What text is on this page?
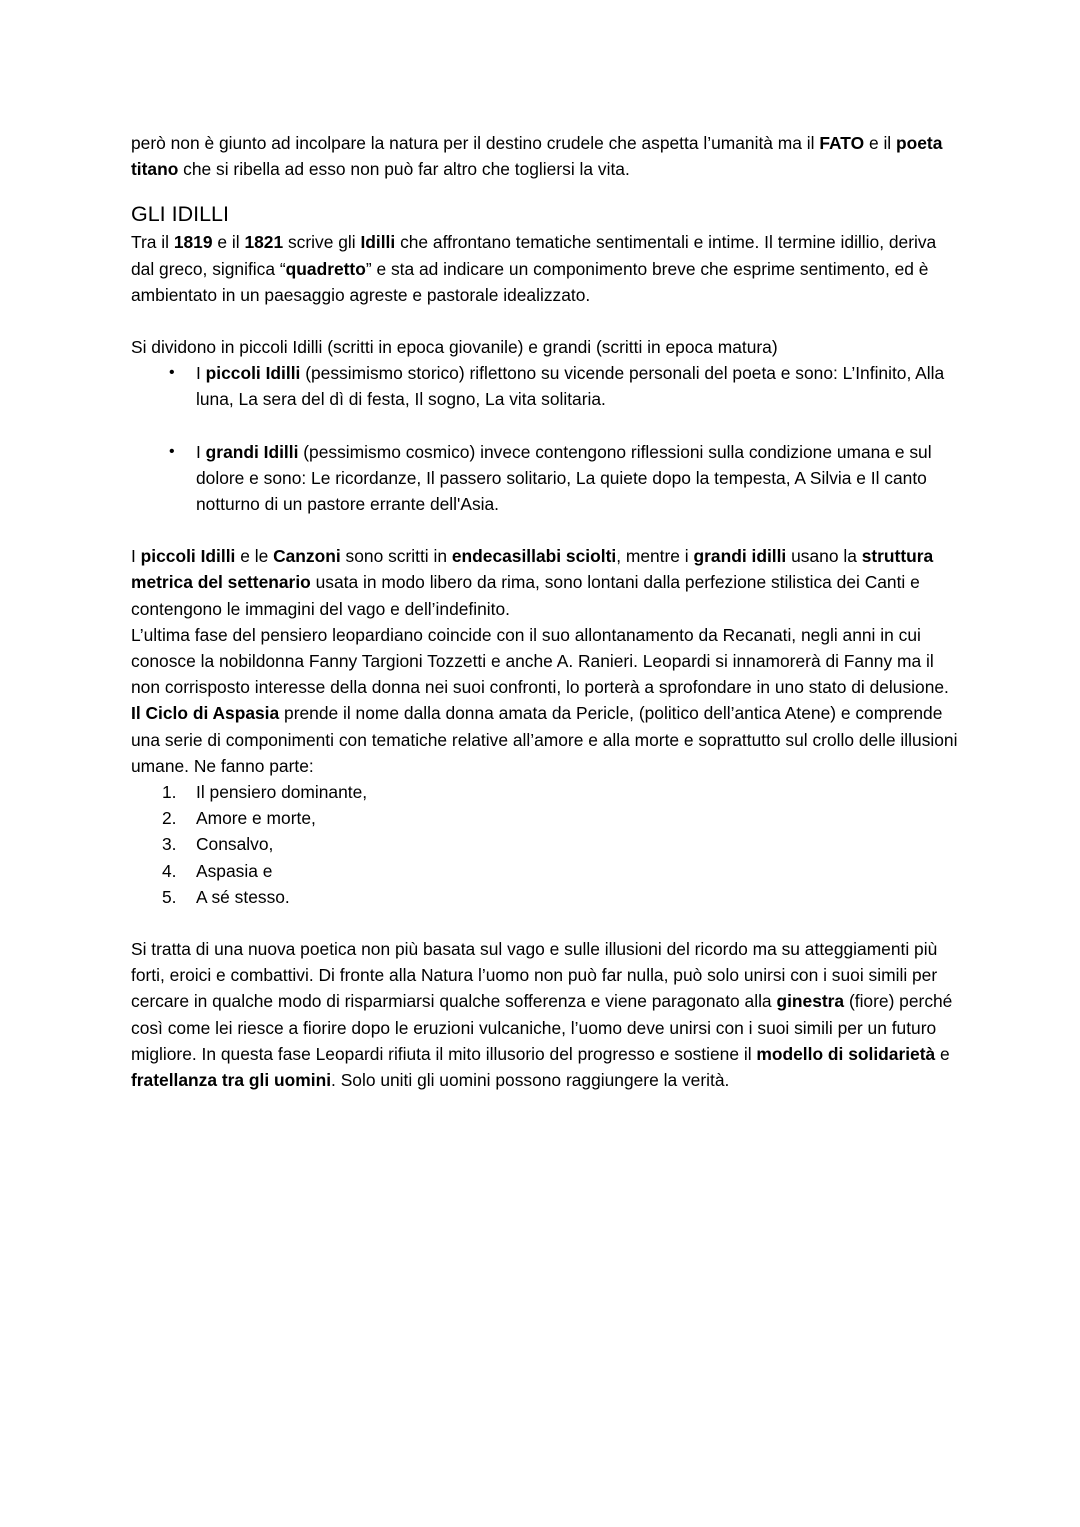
però non è giunto ad incolpare la natura per il destino crudele che aspetta l’umanità ma il FATO e il poeta titano che si ribella ad esso non può far altro che togliersi la vita.

GLI IDILLI

Tra il 1819 e il 1821 scrive gli Idilli che affrontano tematiche sentimentali e intime. Il termine idillio, deriva dal greco, significa “quadretto” e sta ad indicare un componimento breve che esprime sentimento, ed è ambientato in un paesaggio agreste e pastorale idealizzato.

Si dividono in piccoli Idilli (scritti in epoca giovanile) e grandi (scritti in epoca matura)

• I piccoli Idilli (pessimismo storico) riflettono su vicende personali del poeta e sono: L’Infinito, Alla luna, La sera del dì di festa, Il sogno, La vita solitaria.
• I grandi Idilli (pessimismo cosmico) invece contengono riflessioni sulla condizione umana e sul dolore e sono: Le ricordanze, Il passero solitario, La quiete dopo la tempesta, A Silvia e Il canto notturno di un pastore errante dell'Asia.

I piccoli Idilli e le Canzoni sono scritti in endecasillabi sciolti, mentre i grandi idilli usano la struttura metrica del settenario usata in modo libero da rima, sono lontani dalla perfezione stilistica dei Canti e contengono le immagini del vago e dell’indefinito.

L’ultima fase del pensiero leopardiano coincide con il suo allontanamento da Recanati, negli anni in cui conosce la nobildonna Fanny Targioni Tozzetti e anche A. Ranieri. Leopardi si innamorerà di Fanny ma il non corrisposto interesse della donna nei suoi confronti, lo porterà a sprofondare in uno stato di delusione. Il Ciclo di Aspasia prende il nome dalla donna amata da Pericle, (politico dell’antica Atene) e comprende una serie di componimenti con tematiche relative all’amore e alla morte e soprattutto sul crollo delle illusioni umane. Ne fanno parte:

1.	Il pensiero dominante,
2.	Amore e morte,
3.	Consalvo,
4.	Aspasia e
5.	A sé stesso.

Si tratta di una nuova poetica non più basata sul vago e sulle illusioni del ricordo ma su atteggiamenti più forti, eroici e combattivi. Di fronte alla Natura l’uomo non può far nulla, può solo unirsi con i suoi simili per cercare in qualche modo di risparmiarsi qualche sofferenza e viene paragonato alla ginestra (fiore) perché così come lei riesce a fiorire dopo le eruzioni vulcaniche, l’uomo deve unirsi con i suoi simili per un futuro migliore. In questa fase Leopardi rifiuta il mito illusorio del progresso e sostiene il modello di solidarietà e fratellanza tra gli uomini. Solo uniti gli uomini possono raggiungere la verità.
